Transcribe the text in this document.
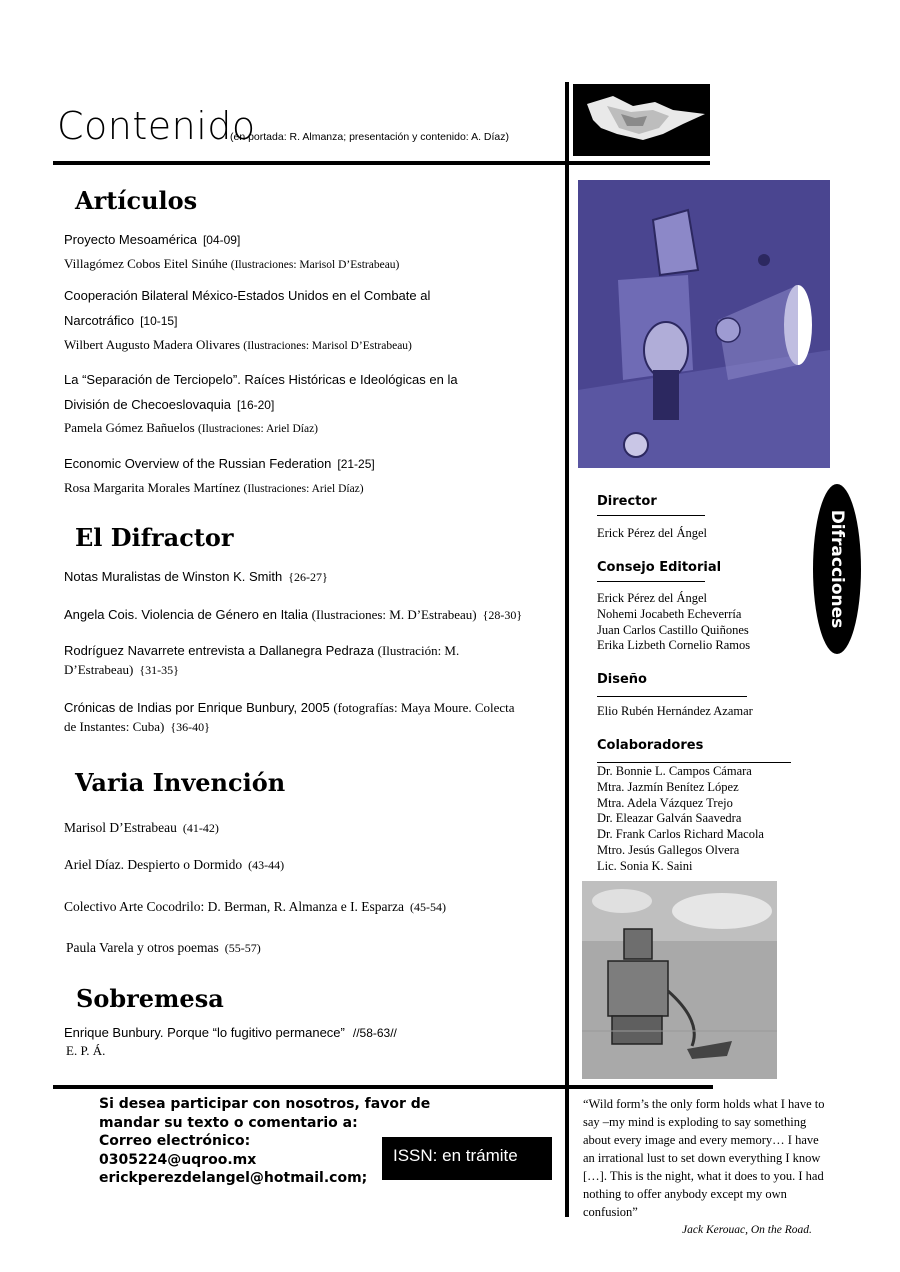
Contenido
(en portada: R. Almanza; presentación y contenido: A. Díaz)
Artículos
Proyecto Mesoamérica [04-09]
Villagómez Cobos Eitel Sinúhe (Ilustraciones: Marisol D’Estrabeau)
Cooperación Bilateral México-Estados Unidos en el Combate al
Narcotráfico [10-15]
Wilbert Augusto Madera Olivares (Ilustraciones: Marisol D’Estrabeau)
La “Separación de Terciopelo”. Raíces Históricas e Ideológicas en la
División de Checoeslovaquia [16-20]
Pamela Gómez Bañuelos (Ilustraciones: Ariel Díaz)
Economic Overview of the Russian Federation [21-25]
Rosa Margarita Morales Martínez (Ilustraciones: Ariel Díaz)
El Difractor
Notas Muralistas de Winston K. Smith {26-27}
Angela Cois. Violencia de Género en Italia (Ilustraciones: M. D’Estrabeau) {28-30}
Rodríguez Navarrete entrevista a Dallanegra Pedraza (Ilustración: M.
D’Estrabeau) {31-35}
Crónicas de Indias por Enrique Bunbury, 2005 (fotografías: Maya Moure. Colecta
de Instantes: Cuba) {36-40}
Varia Invención
Marisol D’Estrabeau (41-42)
Ariel Díaz. Despierto o Dormido (43-44)
Colectivo Arte Cocodrilo: D. Berman, R. Almanza e I. Esparza (45-54)
Paula Varela y otros poemas (55-57)
Sobremesa
Enrique Bunbury. Porque “lo fugitivo permanece” //58-63//
E. P. Á.
Director
Erick Pérez del Ángel
Consejo Editorial
Erick Pérez del Ángel
Nohemi Jocabeth Echeverría
Juan Carlos Castillo Quiñones
Erika Lizbeth Cornelio Ramos
Diseño
Elio Rubén Hernández Azamar
Colaboradores
Dr. Bonnie L. Campos Cámara
Mtra. Jazmín Benítez López
Mtra. Adela Vázquez Trejo
Dr. Eleazar Galván Saavedra
Dr. Frank Carlos Richard Macola
Mtro. Jesús Gallegos Olvera
Lic. Sonia K. Saini
Difracciones
Si desea participar con nosotros, favor de
mandar su texto o comentario a:
Correo electrónico:
0305224@uqroo.mx
erickperezdelangel@hotmail.com;
ISSN: en trámite
“Wild form’s the only form holds what I have to say –my mind is exploding to say something about every image and every memory… I have an irrational lust to set down everything I know […]. This is the night, what it does to you. I had nothing to offer anybody except my own confusion”
Jack Kerouac, On the Road.
